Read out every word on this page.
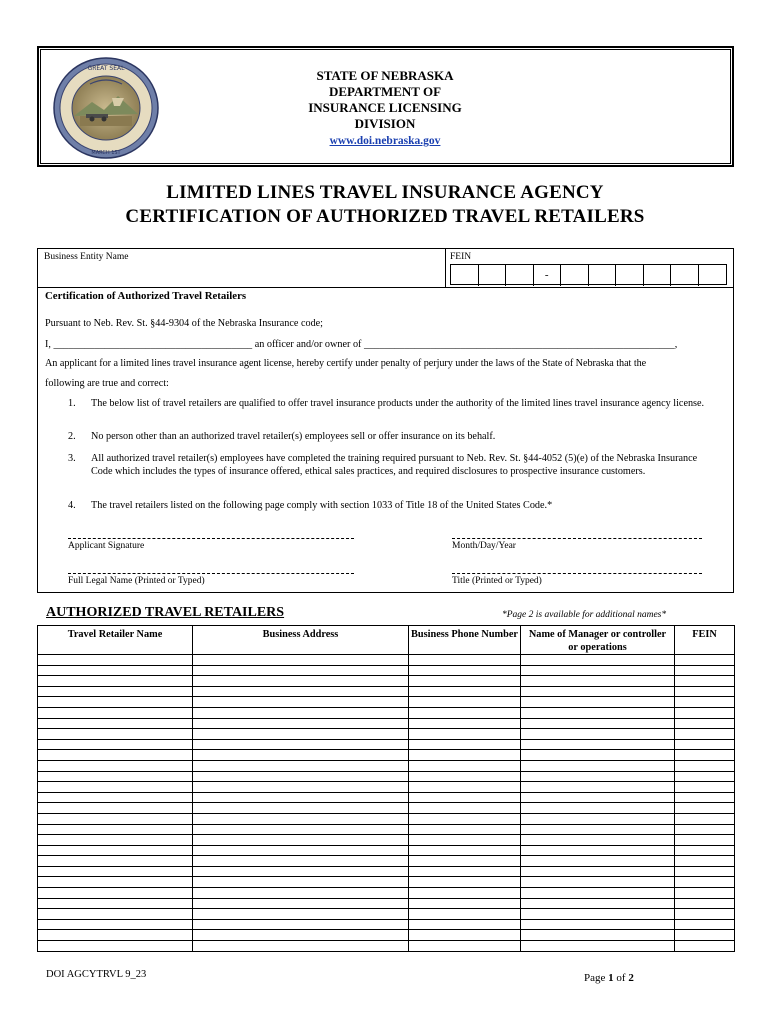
GREAT SEAL
MARCH 1ST
STATE OF NEBRASKA
DEPARTMENT OF
INSURANCE LICENSING
DIVISION
www.doi.nebraska.gov
LIMITED LINES TRAVEL INSURANCE AGENCY
CERTIFICATION OF AUTHORIZED TRAVEL RETAILERS
Business Entity Name	FEIN
-
Certification of Authorized Travel Retailers
Pursuant to Neb. Rev. St. §44-9304 of the Nebraska Insurance code;
I, _______________________________________ an officer and/or owner of _____________________________________________________________,
An applicant for a limited lines travel insurance agent license, hereby certify under penalty of perjury under the laws of the State of Nebraska that the
following are true and correct:
1. The below list of travel retailers are qualified to offer travel insurance products under the authority of the limited lines travel insurance agency license.
2. No person other than an authorized travel retailer(s) employees sell or offer insurance on its behalf.
3. All authorized travel retailer(s) employees have completed the training required pursuant to Neb. Rev. St. §44-4052 (5)(e) of the Nebraska Insurance Code which includes the types of insurance offered, ethical sales practices, and required disclosures to prospective insurance customers.
4. The travel retailers listed on the following page comply with section 1033 of Title 18 of the United States Code.*
Applicant Signature	Month/Day/Year
Full Legal Name (Printed or Typed)	Title (Printed or Typed)
AUTHORIZED TRAVEL RETAILERS	*Page 2 is available for additional names*
Travel Retailer Name	Business Address	Business Phone Number	Name of Manager or controller or operations	FEIN

DOI AGCYTRVL 9_23	Page 1 of 2
